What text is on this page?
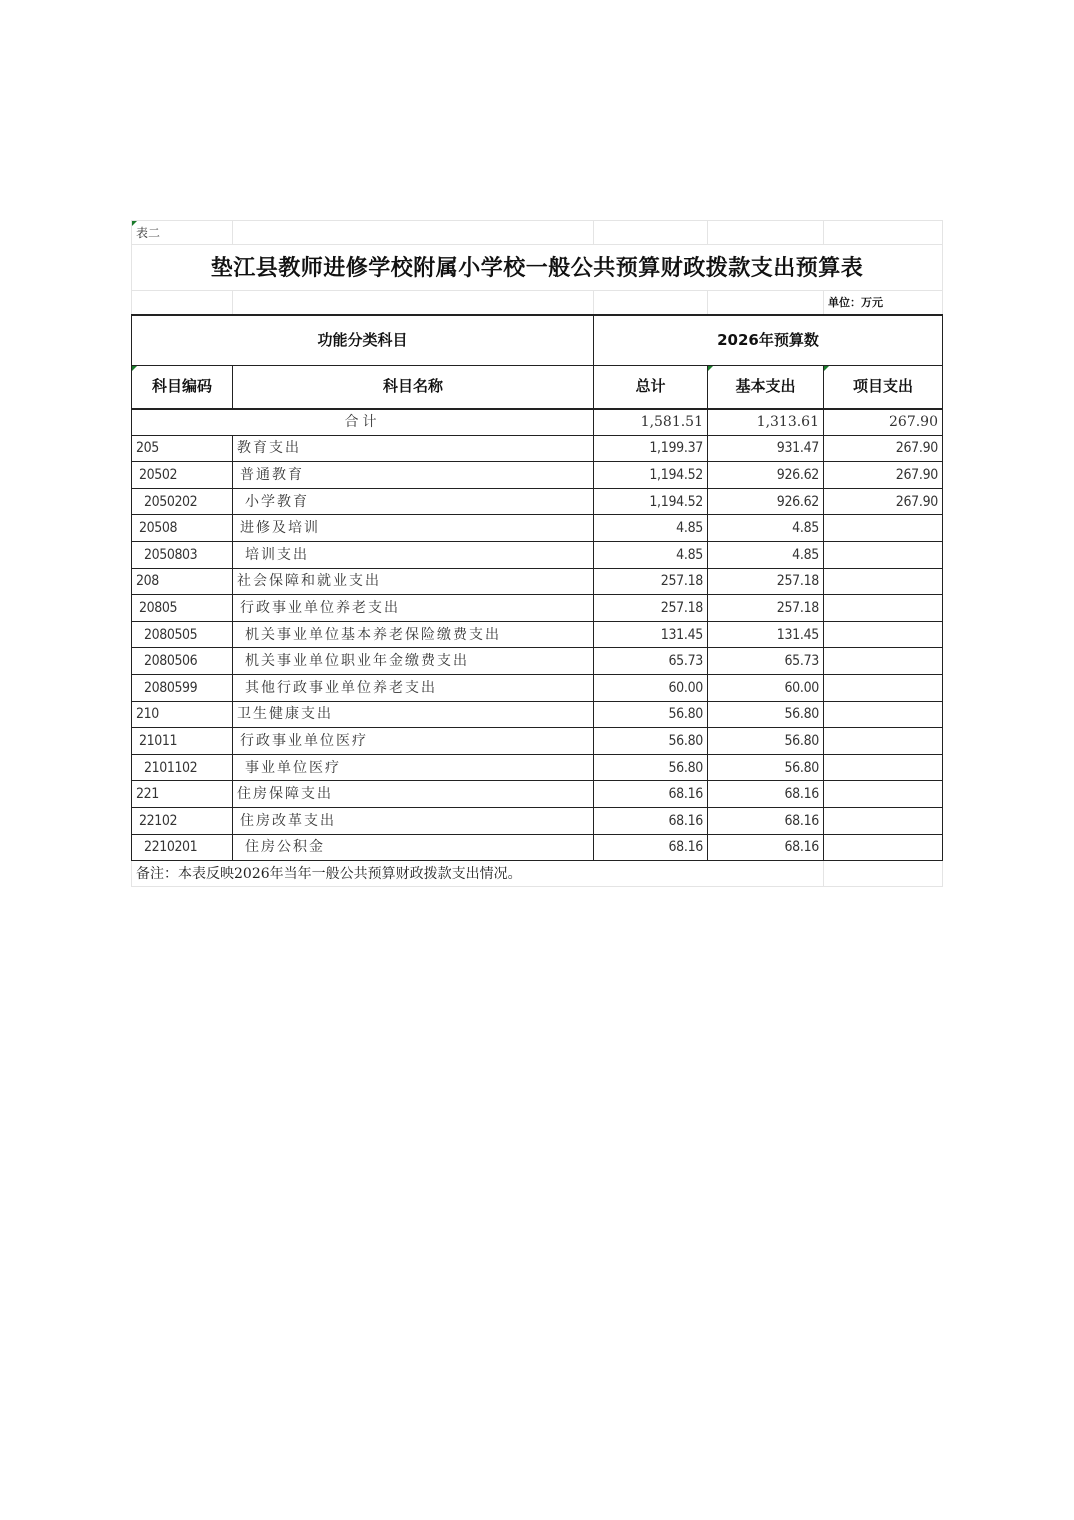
表二				
垫江县教师进修学校附属小学校一般公共预算财政拨款支出预算表				
				单位：万元
功能分类科目		2026年预算数		
科目编码	科目名称	总计	基本支出	项目支出
合计		1,581.51	1,313.61	267.90
205	教育支出	1,199.37	931.47	267.90
20502	普通教育	1,194.52	926.62	267.90
2050202	小学教育	1,194.52	926.62	267.90
20508	进修及培训	4.85	4.85	
2050803	培训支出	4.85	4.85	
208	社会保障和就业支出	257.18	257.18	
20805	行政事业单位养老支出	257.18	257.18	
2080505	机关事业单位基本养老保险缴费支出	131.45	131.45	
2080506	机关事业单位职业年金缴费支出	65.73	65.73	
2080599	其他行政事业单位养老支出	60.00	60.00	
210	卫生健康支出	56.80	56.80	
21011	行政事业单位医疗	56.80	56.80	
2101102	事业单位医疗	56.80	56.80	
221	住房保障支出	68.16	68.16	
22102	住房改革支出	68.16	68.16	
2210201	住房公积金	68.16	68.16	
备注：本表反映2026年当年一般公共预算财政拨款支出情况。				
